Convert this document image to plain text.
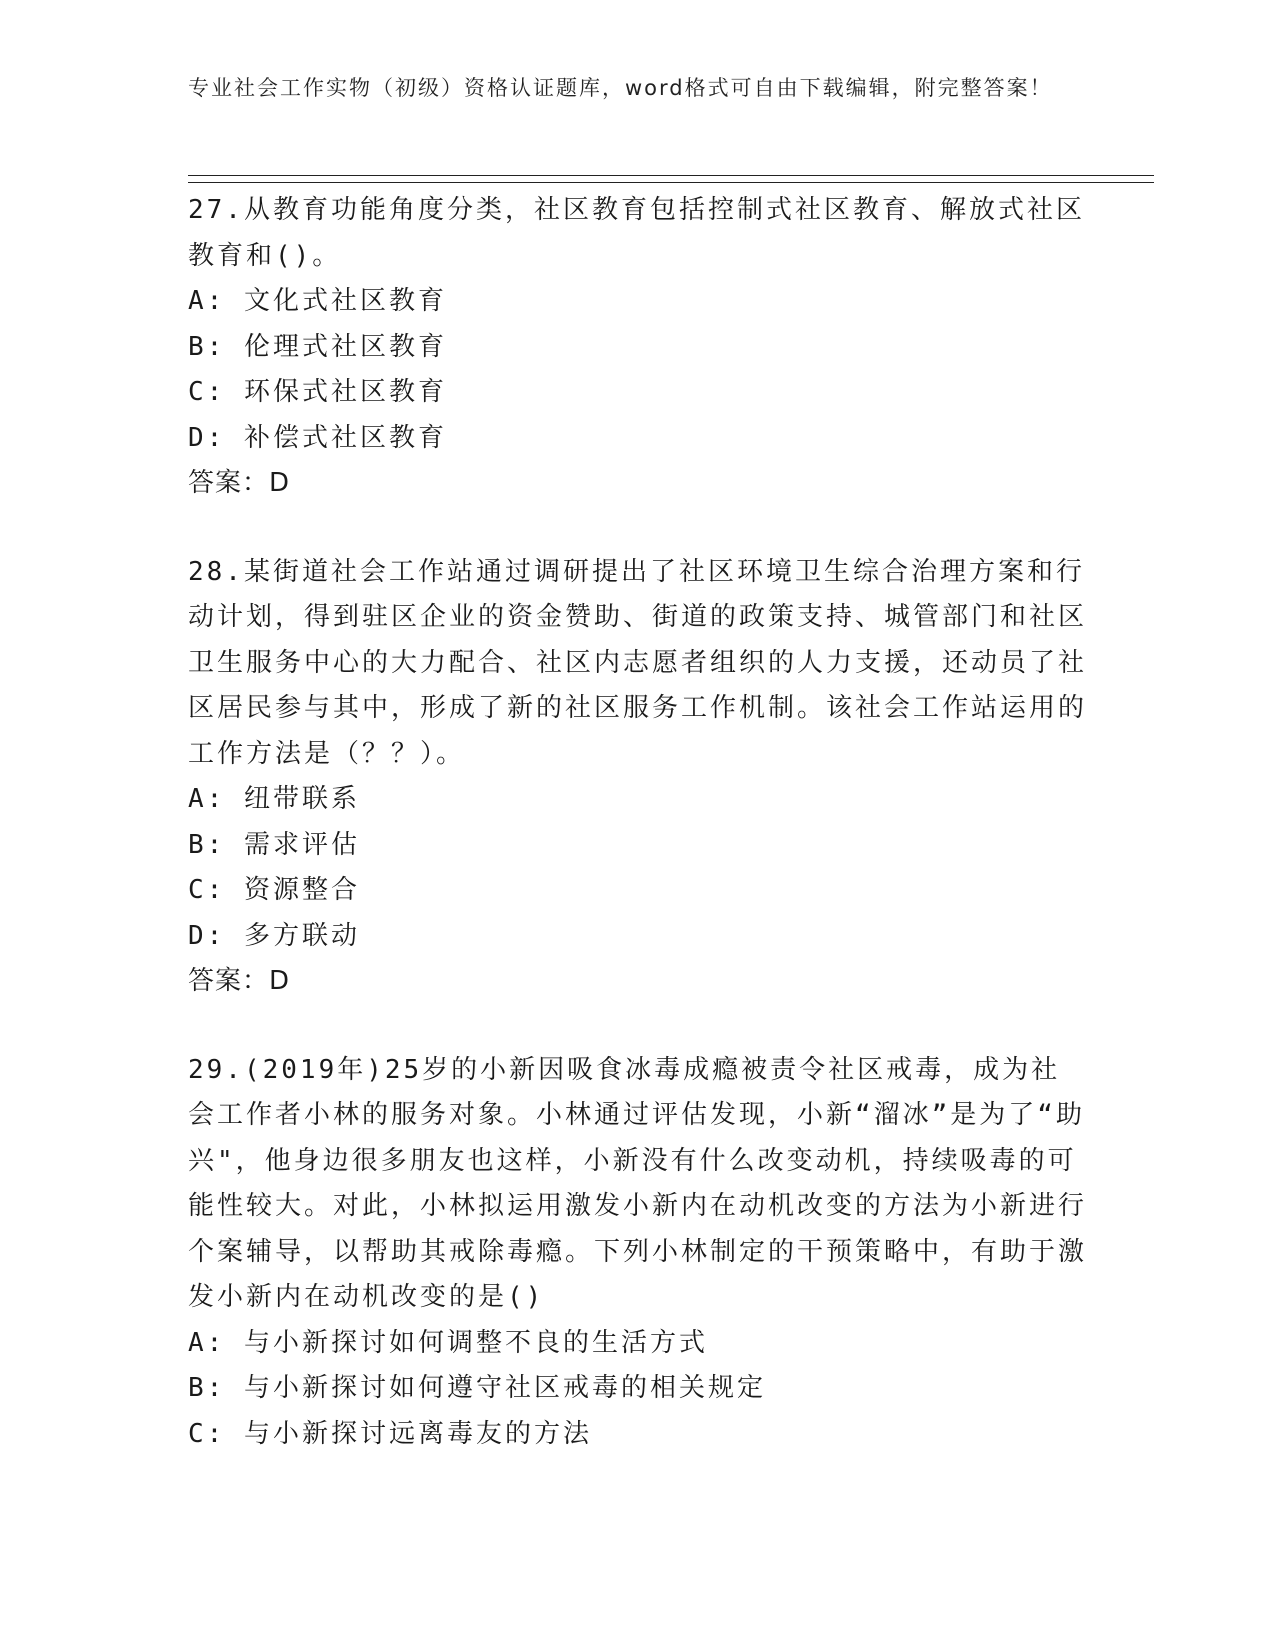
专业社会工作实物（初级）资格认证题库，word格式可自由下载编辑，附完整答案！

27.从教育功能角度分类，社区教育包括控制式社区教育、解放式社区教育和()。

A: 文化式社区教育

B: 伦理式社区教育

C: 环保式社区教育

D: 补偿式社区教育

答案：D

28.某街道社会工作站通过调研提出了社区环境卫生综合治理方案和行动计划，得到驻区企业的资金赞助、街道的政策支持、城管部门和社区卫生服务中心的大力配合、社区内志愿者组织的人力支援，还动员了社区居民参与其中，形成了新的社区服务工作机制。该社会工作站运用的工作方法是（？？）。

A: 纽带联系

B: 需求评估

C: 资源整合

D: 多方联动

答案：D

29.(2019年)25岁的小新因吸食冰毒成瘾被责令社区戒毒，成为社会工作者小林的服务对象。小林通过评估发现，小新“溜冰”是为了“助兴"，他身边很多朋友也这样，小新没有什么改变动机，持续吸毒的可能性较大。对此，小林拟运用激发小新内在动机改变的方法为小新进行个案辅导，以帮助其戒除毒瘾。下列小林制定的干预策略中，有助于激发小新内在动机改变的是()

A: 与小新探讨如何调整不良的生活方式

B: 与小新探讨如何遵守社区戒毒的相关规定

C: 与小新探讨远离毒友的方法
